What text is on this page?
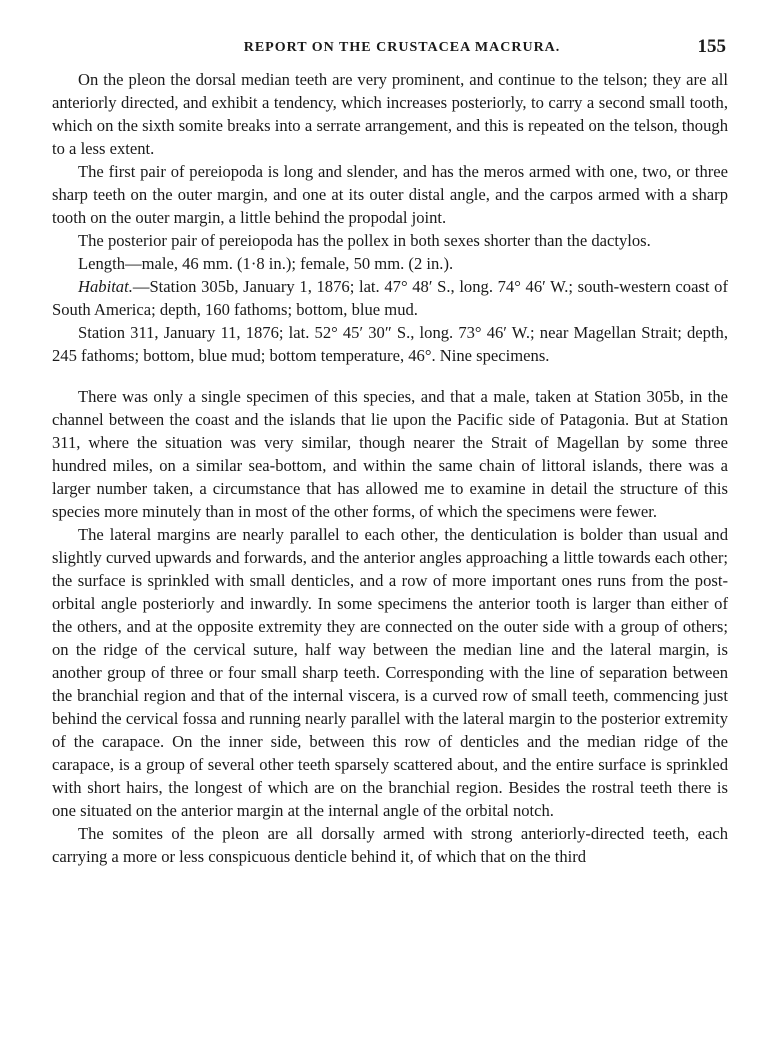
REPORT ON THE CRUSTACEA MACRURA.	155

On the pleon the dorsal median teeth are very prominent, and continue to the telson; they are all anteriorly directed, and exhibit a tendency, which increases posteriorly, to carry a second small tooth, which on the sixth somite breaks into a serrate arrangement, and this is repeated on the telson, though to a less extent.

The first pair of pereiopoda is long and slender, and has the meros armed with one, two, or three sharp teeth on the outer margin, and one at its outer distal angle, and the carpos armed with a sharp tooth on the outer margin, a little behind the propodal joint.

The posterior pair of pereiopoda has the pollex in both sexes shorter than the dactylos.

Length—male, 46 mm. (1·8 in.); female, 50 mm. (2 in.).

Habitat.—Station 305b, January 1, 1876; lat. 47° 48′ S., long. 74° 46′ W.; south-western coast of South America; depth, 160 fathoms; bottom, blue mud.

Station 311, January 11, 1876; lat. 52° 45′ 30″ S., long. 73° 46′ W.; near Magellan Strait; depth, 245 fathoms; bottom, blue mud; bottom temperature, 46°. Nine specimens.

There was only a single specimen of this species, and that a male, taken at Station 305b, in the channel between the coast and the islands that lie upon the Pacific side of Patagonia. But at Station 311, where the situation was very similar, though nearer the Strait of Magellan by some three hundred miles, on a similar sea-bottom, and within the same chain of littoral islands, there was a larger number taken, a circumstance that has allowed me to examine in detail the structure of this species more minutely than in most of the other forms, of which the specimens were fewer.

The lateral margins are nearly parallel to each other, the denticulation is bolder than usual and slightly curved upwards and forwards, and the anterior angles approaching a little towards each other; the surface is sprinkled with small denticles, and a row of more important ones runs from the post-orbital angle posteriorly and inwardly. In some specimens the anterior tooth is larger than either of the others, and at the opposite extremity they are connected on the outer side with a group of others; on the ridge of the cervical suture, half way between the median line and the lateral margin, is another group of three or four small sharp teeth. Corresponding with the line of separation between the branchial region and that of the internal viscera, is a curved row of small teeth, commencing just behind the cervical fossa and running nearly parallel with the lateral margin to the posterior extremity of the carapace. On the inner side, between this row of denticles and the median ridge of the carapace, is a group of several other teeth sparsely scattered about, and the entire surface is sprinkled with short hairs, the longest of which are on the branchial region. Besides the rostral teeth there is one situated on the anterior margin at the internal angle of the orbital notch.

The somites of the pleon are all dorsally armed with strong anteriorly-directed teeth, each carrying a more or less conspicuous denticle behind it, of which that on the third
